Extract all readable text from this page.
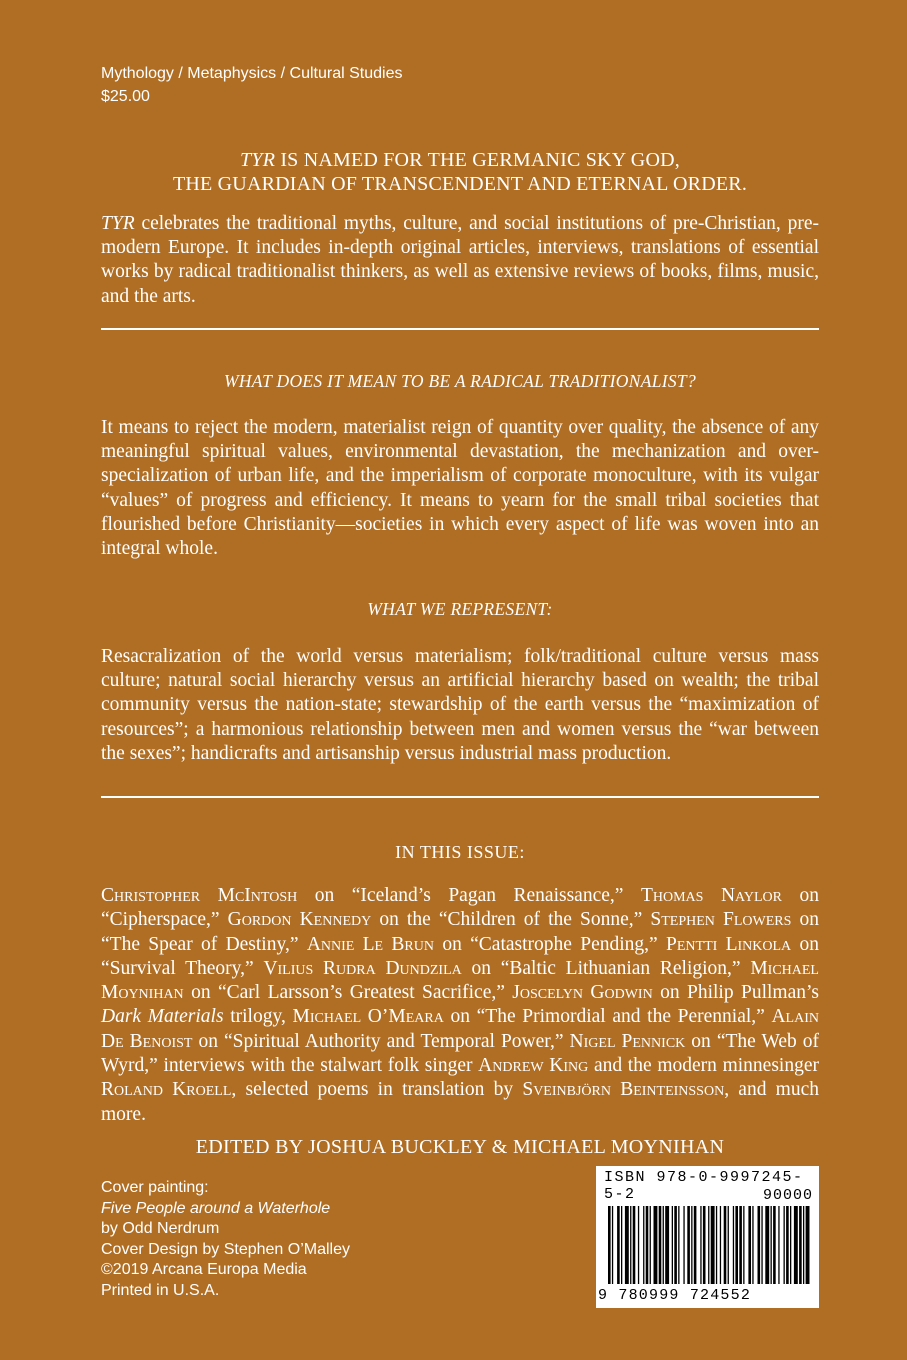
Mythology / Metaphysics / Cultural Studies
$25.00
TYR IS NAMED FOR THE GERMANIC SKY GOD,
THE GUARDIAN OF TRANSCENDENT AND ETERNAL ORDER.
TYR celebrates the traditional myths, culture, and social institutions of pre-Christian, pre-modern Europe. It includes in-depth original articles, interviews, translations of essential works by radical traditionalist thinkers, as well as extensive reviews of books, films, music, and the arts.
WHAT DOES IT MEAN TO BE A RADICAL TRADITIONALIST?
It means to reject the modern, materialist reign of quantity over quality, the absence of any meaningful spiritual values, environmental devastation, the mechanization and over-specialization of urban life, and the imperialism of corporate monoculture, with its vulgar “values” of progress and efficiency. It means to yearn for the small tribal societies that flourished before Christianity—societies in which every aspect of life was woven into an integral whole.
WHAT WE REPRESENT:
Resacralization of the world versus materialism; folk/traditional culture versus mass culture; natural social hierarchy versus an artificial hierarchy based on wealth; the tribal community versus the nation-state; stewardship of the earth versus the “maximization of resources”; a harmonious relationship between men and women versus the “war between the sexes”; handicrafts and artisanship versus industrial mass production.
IN THIS ISSUE:
Christopher McIntosh on “Iceland’s Pagan Renaissance,” Thomas Naylor on “Cipherspace,” Gordon Kennedy on the “Children of the Sonne,” Stephen Flowers on “The Spear of Destiny,” Annie Le Brun on “Catastrophe Pending,” Pentti Linkola on “Survival Theory,” Vilius Rudra Dundzila on “Baltic Lithuanian Religion,” Michael Moynihan on “Carl Larsson’s Greatest Sacrifice,” Joscelyn Godwin on Philip Pullman’s Dark Materials trilogy, Michael O’Meara on “The Primordial and the Perennial,” Alain De Benoist on “Spiritual Authority and Temporal Power,” Nigel Pennick on “The Web of Wyrd,” interviews with the stalwart folk singer Andrew King and the modern minnesinger Roland Kroell, selected poems in translation by Sveinbjörn Beinteinsson, and much more.
EDITED BY JOSHUA BUCKLEY & MICHAEL MOYNIHAN
Cover painting:
Five People around a Waterhole
by Odd Nerdrum
Cover Design by Stephen O’Malley
©2019 Arcana Europa Media
Printed in U.S.A.
ISBN 978-0-9997245-5-2	90000
9 780999 724552
